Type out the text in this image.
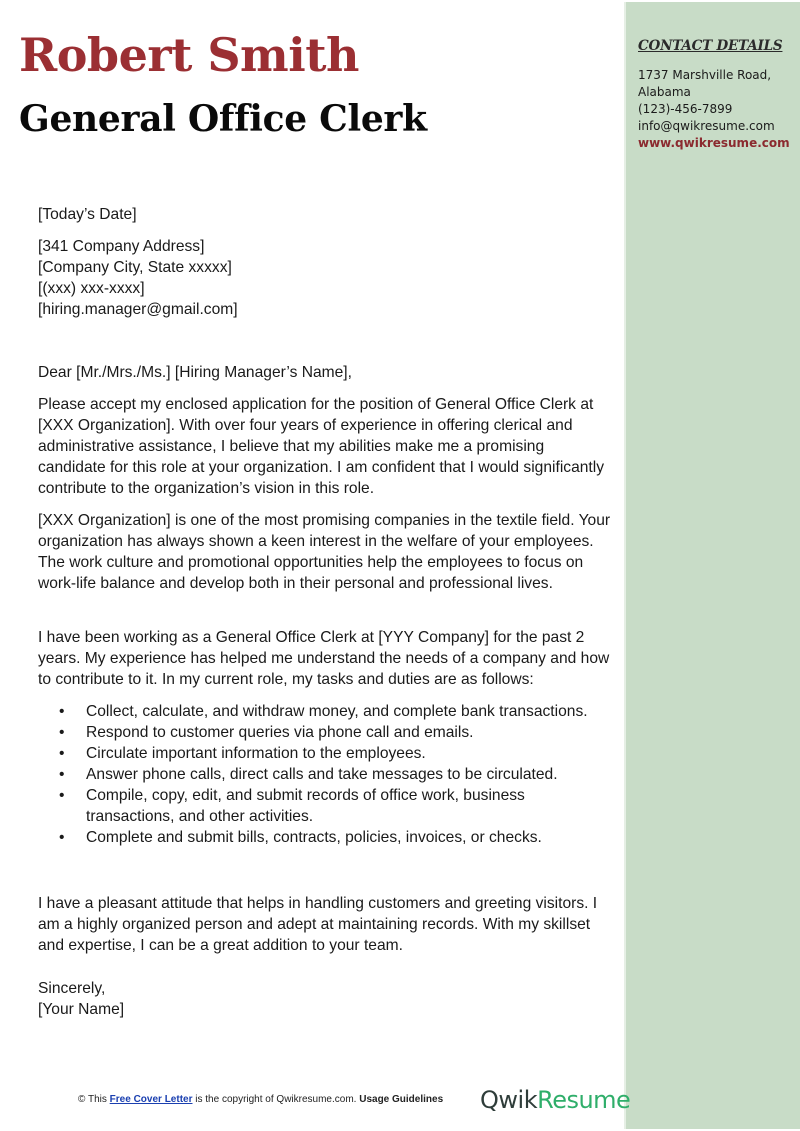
Robert Smith
General Office Clerk
CONTACT DETAILS
1737 Marshville Road,
Alabama
(123)-456-7899
info@qwikresume.com
www.qwikresume.com

[Today’s Date]

[341 Company Address]

[Company City, State xxxxx]

[(xxx) xxx-xxxx]

[hiring.manager@gmail.com]

Dear [Mr./Mrs./Ms.] [Hiring Manager’s Name],

Please accept my enclosed application for the position of General Office Clerk at [XXX Organization]. With over four years of experience in offering clerical and administrative assistance, I believe that my abilities make me a promising candidate for this role at your organization. I am confident that I would significantly contribute to the organization’s vision in this role.

[XXX Organization] is one of the most promising companies in the textile field. Your organization has always shown a keen interest in the welfare of your employees. The work culture and promotional opportunities help the employees to focus on work-life balance and develop both in their personal and professional lives.

I have been working as a General Office Clerk at [YYY Company] for the past 2 years. My experience has helped me understand the needs of a company and how to contribute to it. In my current role, my tasks and duties are as follows:

• Collect, calculate, and withdraw money, and complete bank transactions.
• Respond to customer queries via phone call and emails.
• Circulate important information to the employees.
• Answer phone calls, direct calls and take messages to be circulated.
• Compile, copy, edit, and submit records of office work, business transactions, and other activities.
• Complete and submit bills, contracts, policies, invoices, or checks.

I have a pleasant attitude that helps in handling customers and greeting visitors. I am a highly organized person and adept at maintaining records. With my skillset and expertise, I can be a great addition to your team.

Sincerely,

[Your Name]

© This Free Cover Letter is the copyright of Qwikresume.com. Usage Guidelines QwikResume
